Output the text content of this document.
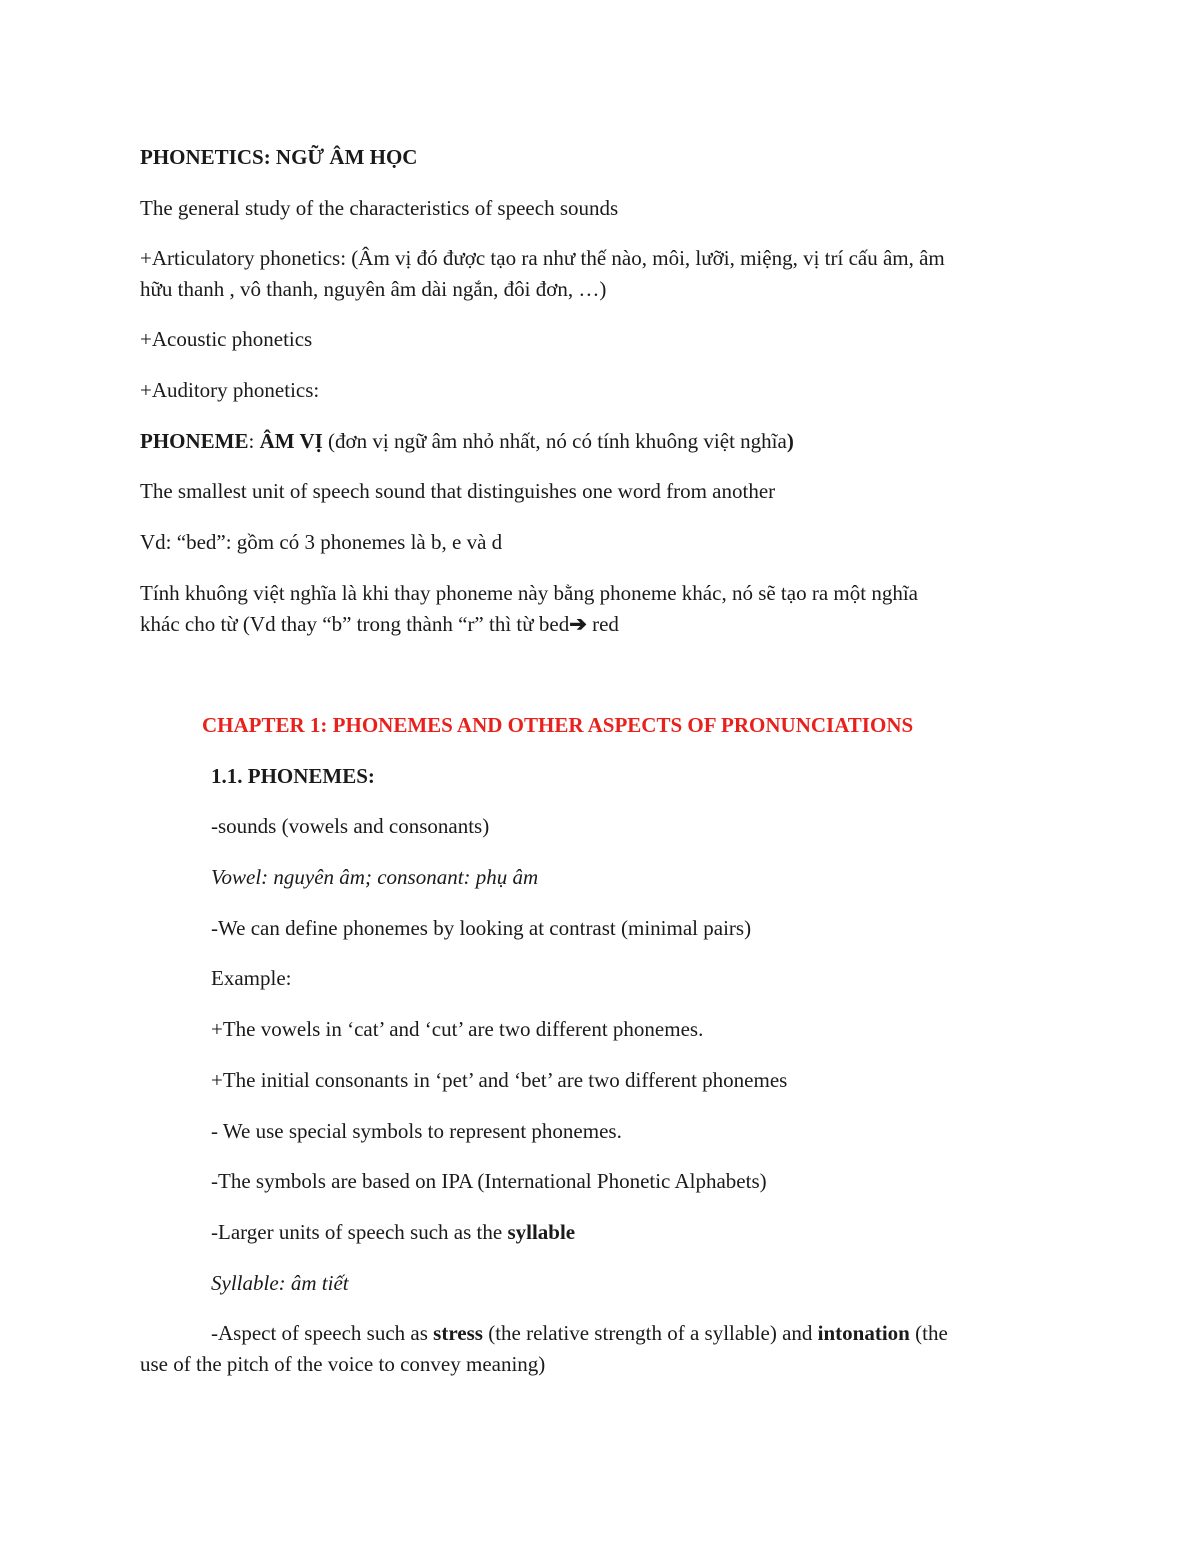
PHONETICS: NGỮ ÂM HỌC
The general study of the characteristics of speech sounds
+Articulatory phonetics: (Âm vị đó được tạo ra như thế nào, môi, lưỡi, miệng, vị trí cấu âm, âm
hữu thanh , vô thanh, nguyên âm dài ngắn, đôi đơn, …)
+Acoustic phonetics
+Auditory phonetics:
PHONEME: ÂM VỊ (đơn vị ngữ âm nhỏ nhất, nó có tính khuông việt nghĩa)
The smallest unit of speech sound that distinguishes one word from another
Vd: “bed”: gồm có 3 phonemes là b, e và d
Tính khuông việt nghĩa là khi thay phoneme này bằng phoneme khác, nó sẽ tạo ra một nghĩa
khác cho từ (Vd thay “b” trong thành “r” thì từ bed➔ red
CHAPTER 1: PHONEMES AND OTHER ASPECTS OF PRONUNCIATIONS
1.1. PHONEMES:
-sounds (vowels and consonants)
Vowel: nguyên âm; consonant: phụ âm
-We can define phonemes by looking at contrast (minimal pairs)
Example:
+The vowels in ‘cat’ and ‘cut’ are two different phonemes.
+The initial consonants in ‘pet’ and ‘bet’ are two different phonemes
- We use special symbols to represent phonemes.
-The symbols are based on IPA (International Phonetic Alphabets)
-Larger units of speech such as the syllable
Syllable: âm tiết
-Aspect of speech such as stress (the relative strength of a syllable) and intonation (the
use of the pitch of the voice to convey meaning)
